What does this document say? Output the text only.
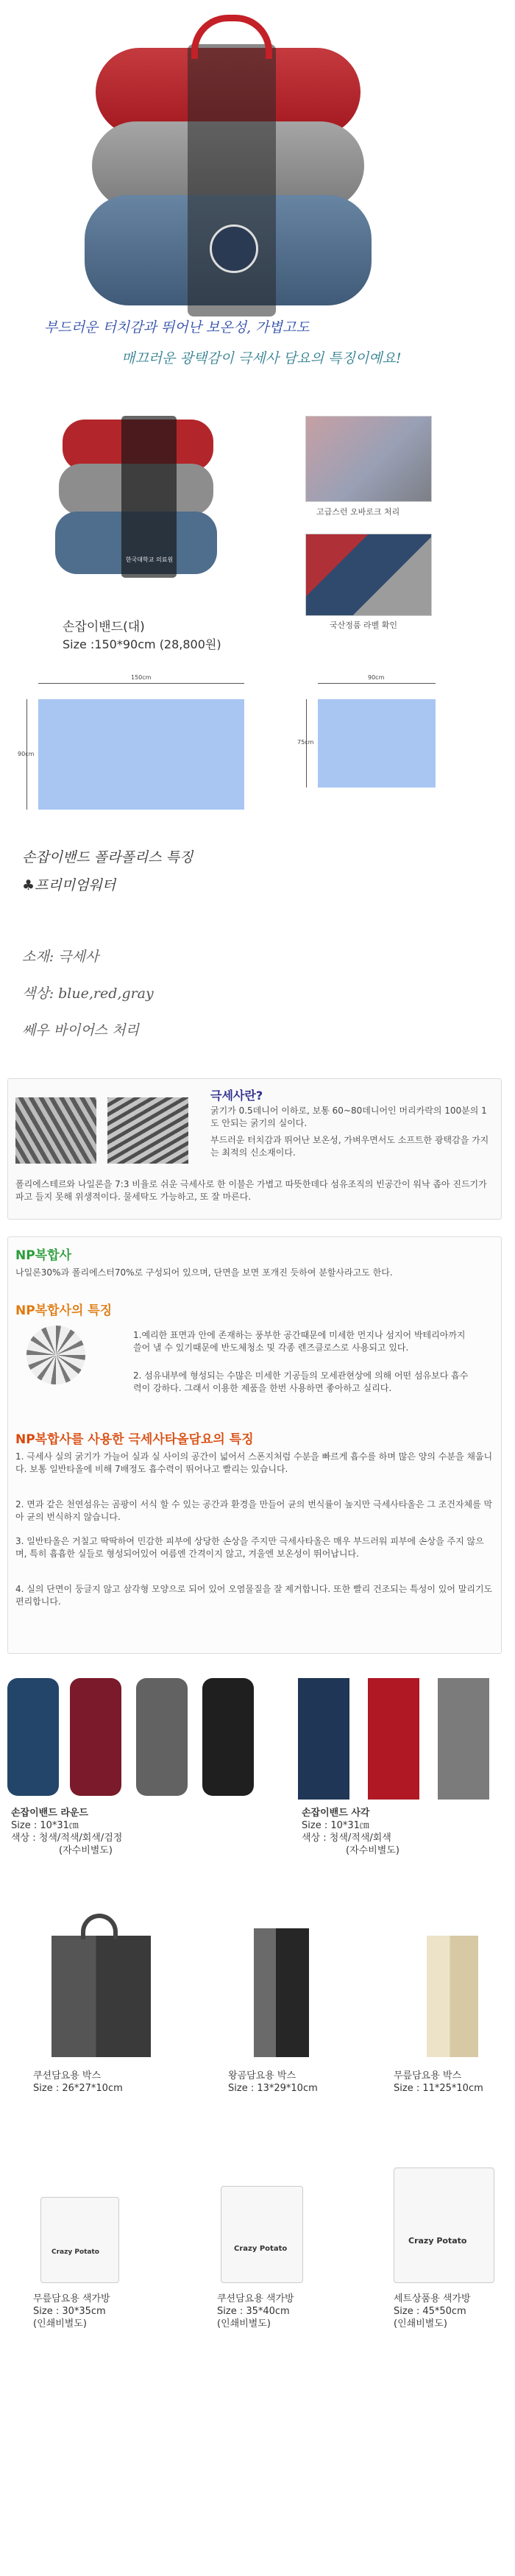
부드러운 터치감과 뛰어난 보온성, 가볍고도
매끄러운 광택감이 극세사 담요의 특징이예요!
한국대학교 의료원
고급스런 오바로크 처리
국산정품 라벨 확인
손잡이밴드(대)
Size :150*90cm (28,800원)
150cm
90cm
90cm
75cm
손잡이밴드 폴라폴리스 특징
♣프리미엄워터
소재: 극세사
색상: blue,red,gray
쎄우 바이어스 처리
극세사란?
굵기가 0.5데니어 이하로, 보통 60~80데니어인 머리카락의 100분의 1도 안되는 굵기의 실이다.
부드러운 터치감과 뛰어난 보온성, 가벼우면서도 소프트한 광택감을 가지는 최적의 신소재이다.
폴리에스테르와 나일론을 7:3 비율로 쉬운 극세사로 한 이불은 가볍고 따뜻한데다 섬유조직의 빈공간이 워낙 좁아 진드기가 파고 들지 못해 위생적이다. 물세탁도 가능하고, 또 잘 마른다.
NP복합사
나일론30%과 폴리에스터70%로 구성되어 있으며, 단면을 보면 포개진 듯하여 분할사라고도 한다.
NP복합사의 특징
1.예리한 표면과 안에 존재하는 풍부한 공간때문에 미세한 먼지나 섬지어 박테리아까지 쓸어 낼 수 있기때문에 반도체청소 및 각종 렌즈클로스로 사용되고 있다.
2. 섬유내부에 형성되는 수많은 미세한 기공들의 모세관현상에 의해 어떤 섬유보다 흡수력이 강하다. 그래서 이용한 제품을 한번 사용하면 좋아하고 실리다.
NP복합사를 사용한 극세사타올담요의 특징
1. 극세사 실의 굵기가 가늘어 실과 실 사이의 공간이 넓어서 스폰지처럼 수분을 빠르게 흡수를 하며 많은 양의 수분을 채웁니다. 보통 일반타올에 비해 7배정도 흡수력이 뛰어나고 빨리는 있습니다.
2. 면과 같은 천연섬유는 곰팡이 서식 할 수 있는 공간과 환경을 만들어 균의 번식률이 높지만 극세사타올은 그 조건자체를 막아 균의 번식하지 않습니다.
3. 일반타올은 거칠고 딱딱하여 민감한 피부에 상당한 손상을 주지만 극세사타올은 매우 부드러워 피부에 손상을 주지 않으며, 특히 흡흡한 실들로 형성되어있어 여름엔 간격이지 않고, 겨울엔 보온성이 뛰어납니다.
4. 실의 단면이 둥글지 않고 삼각형 모양으로 되어 있어 오염물질을 잘 제거합니다. 또한 빨리 건조되는 특성이 있어 말리기도 편리합니다.
손잡이밴드 라운드
Size : 10*31㎝
색상 : 청색/적색/회색/검정
(자수비별도)
손잡이밴드 사각
Size : 10*31㎝
색상 : 청색/적색/회색
(자수비별도)
쿠션담요용 박스
Size : 26*27*10cm
왕곰담요용 박스
Size : 13*29*10cm
무릎담요용 박스
Size : 11*25*10cm
Crazy Potato
무릎담요용 색가방
Size : 30*35cm
(인쇄비별도)
Crazy Potato
쿠션담요용 색가방
Size : 35*40cm
(인쇄비별도)
Crazy Potato
세트상품용 색가방
Size : 45*50cm
(인쇄비별도)
